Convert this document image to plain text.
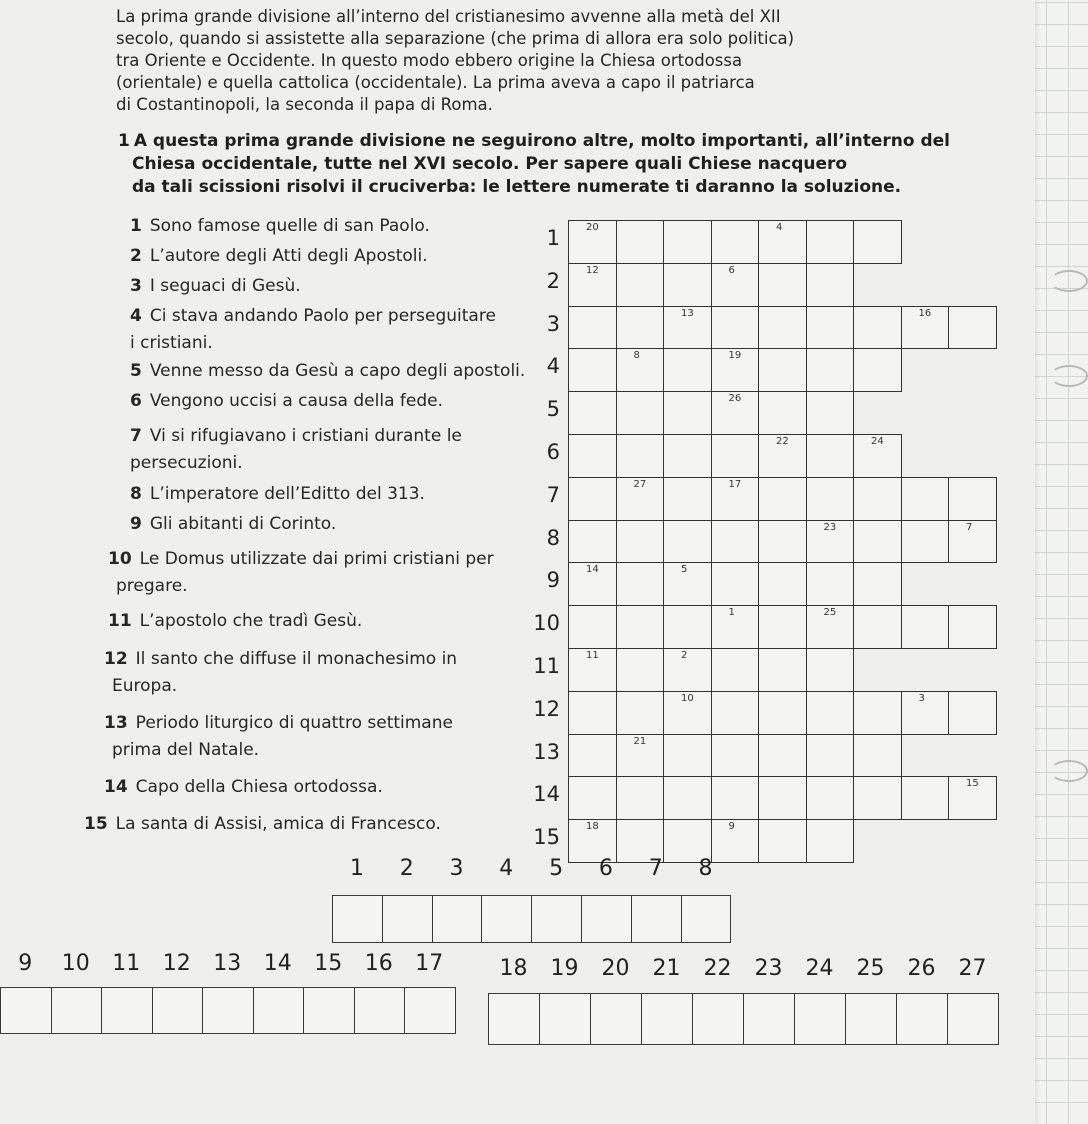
La prima grande divisione all’interno del cristianesimo avvenne alla metà del XII
secolo, quando si assistette alla separazione (che prima di allora era solo politica)
tra Oriente e Occidente. In questo modo ebbero origine la Chiesa ortodossa
(orientale) e quella cattolica (occidentale). La prima aveva a capo il patriarca
di Costantinopoli, la seconda il papa di Roma.
1 A questa prima grande divisione ne seguirono altre, molto importanti, all’interno del
Chiesa occidentale, tutte nel XVI secolo. Per sapere quali Chiese nacquero
da tali scissioni risolvi il cruciverba: le lettere numerate ti daranno la soluzione.
1 Sono famose quelle di san Paolo.
2 L’autore degli Atti degli Apostoli.
3 I seguaci di Gesù.
4 Ci stava andando Paolo per perseguitare
i cristiani.
5 Venne messo da Gesù a capo degli apostoli.
6 Vengono uccisi a causa della fede.
7 Vi si rifugiavano i cristiani durante le
persecuzioni.
8 L’imperatore dell’Editto del 313.
9 Gli abitanti di Corinto.
10 Le Domus utilizzate dai primi cristiani per
pregare.
11 L’apostolo che tradì Gesù.
12 Il santo che diffuse il monachesimo in
Europa.
13 Periodo liturgico di quattro settimane
prima del Natale.
14 Capo della Chiesa ortodossa.
15 La santa di Assisi, amica di Francesco.
1	20	4
2	12	6
3	13	16
4	8	19
5	26
6	22	24
7	27	17
8	23	7
9	14	5
10	1	25
11	11	2
12	10	3
13	21
14	15
15	18	9
1	2	3	4	5	6	7	8
9	10 11 12 13 14 15 16 17	18 19 20 21 22 23 24 25 26 27
